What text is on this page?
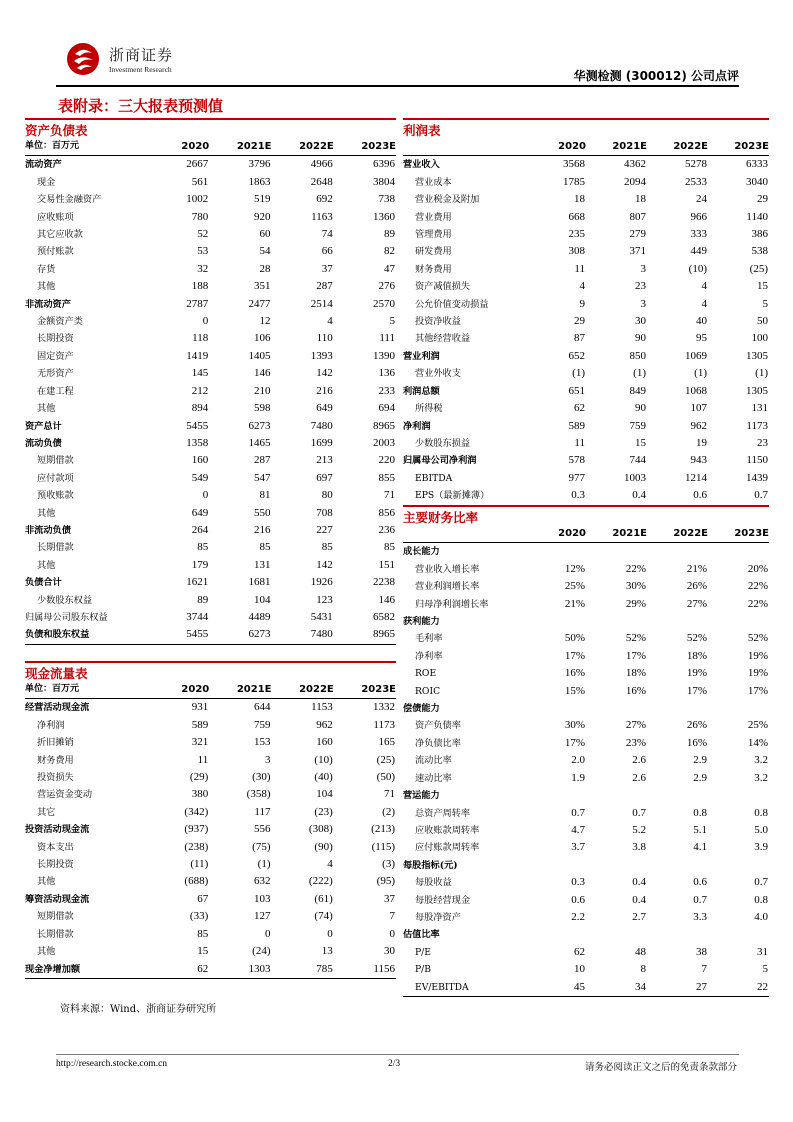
浙商证券
Investment Research	华测检测 (300012) 公司点评
表附录：三大报表预测值
资产负债表
单位：百万元	2020	2021E	2022E	2023E
流动资产	2667	3796	4966	6396
现金	561	1863	2648	3804
交易性金融资产	1002	519	692	738
应收账项	780	920	1163	1360
其它应收款	52	60	74	89
预付账款	53	54	66	82
存货	32	28	37	47
其他	188	351	287	276
非流动资产	2787	2477	2514	2570
金额资产类	0	12	4	5
长期投资	118	106	110	111
固定资产	1419	1405	1393	1390
无形资产	145	146	142	136
在建工程	212	210	216	233
其他	894	598	649	694
资产总计	5455	6273	7480	8965
流动负债	1358	1465	1699	2003
短期借款	160	287	213	220
应付款项	549	547	697	855
预收账款	0	81	80	71
其他	649	550	708	856
非流动负债	264	216	227	236
长期借款	85	85	85	85
其他	179	131	142	151
负债合计	1621	1681	1926	2238
少数股东权益	89	104	123	146
归属母公司股东权益	3744	4489	5431	6582
负债和股东权益	5455	6273	7480	8965
现金流量表
单位：百万元	2020	2021E	2022E	2023E
经营活动现金流	931	644	1153	1332
净利润	589	759	962	1173
折旧摊销	321	153	160	165
财务费用	11	3	(10)	(25)
投资损失	(29)	(30)	(40)	(50)
营运资金变动	380	(358)	104	71
其它	(342)	117	(23)	(2)
投资活动现金流	(937)	556	(308)	(213)
资本支出	(238)	(75)	(90)	(115)
长期投资	(11)	(1)	4	(3)
其他	(688)	632	(222)	(95)
筹资活动现金流	67	103	(61)	37
短期借款	(33)	127	(74)	7
长期借款	85	0	0	0
其他	15	(24)	13	30
现金净增加额	62	1303	785	1156
利润表
	2020	2021E	2022E	2023E
营业收入	3568	4362	5278	6333
营业成本	1785	2094	2533	3040
营业税金及附加	18	18	24	29
营业费用	668	807	966	1140
管理费用	235	279	333	386
研发费用	308	371	449	538
财务费用	11	3	(10)	(25)
资产减值损失	4	23	4	15
公允价值变动损益	9	3	4	5
投资净收益	29	30	40	50
其他经营收益	87	90	95	100
营业利润	652	850	1069	1305
营业外收支	(1)	(1)	(1)	(1)
利润总额	651	849	1068	1305
所得税	62	90	107	131
净利润	589	759	962	1173
少数股东损益	11	15	19	23
归属母公司净利润	578	744	943	1150
EBITDA	977	1003	1214	1439
EPS（最新摊薄）	0.3	0.4	0.6	0.7
主要财务比率
	2020	2021E	2022E	2023E
成长能力				
营业收入增长率	12%	22%	21%	20%
营业利润增长率	25%	30%	26%	22%
归母净利润增长率	21%	29%	27%	22%
获利能力				
毛利率	50%	52%	52%	52%
净利率	17%	17%	18%	19%
ROE	16%	18%	19%	19%
ROIC	15%	16%	17%	17%
偿债能力				
资产负债率	30%	27%	26%	25%
净负债比率	17%	23%	16%	14%
流动比率	2.0	2.6	2.9	3.2
速动比率	1.9	2.6	2.9	3.2
营运能力				
总资产周转率	0.7	0.7	0.8	0.8
应收账款周转率	4.7	5.2	5.1	5.0
应付账款周转率	3.7	3.8	4.1	3.9
每股指标(元)				
每股收益	0.3	0.4	0.6	0.7
每股经营现金	0.6	0.4	0.7	0.8
每股净资产	2.2	2.7	3.3	4.0
估值比率				
P/E	62	48	38	31
P/B	10	8	7	5
EV/EBITDA	45	34	27	22
资料来源：Wind、浙商证券研究所
http://research.stocke.com.cn	2/3	请务必阅读正文之后的免责条款部分
